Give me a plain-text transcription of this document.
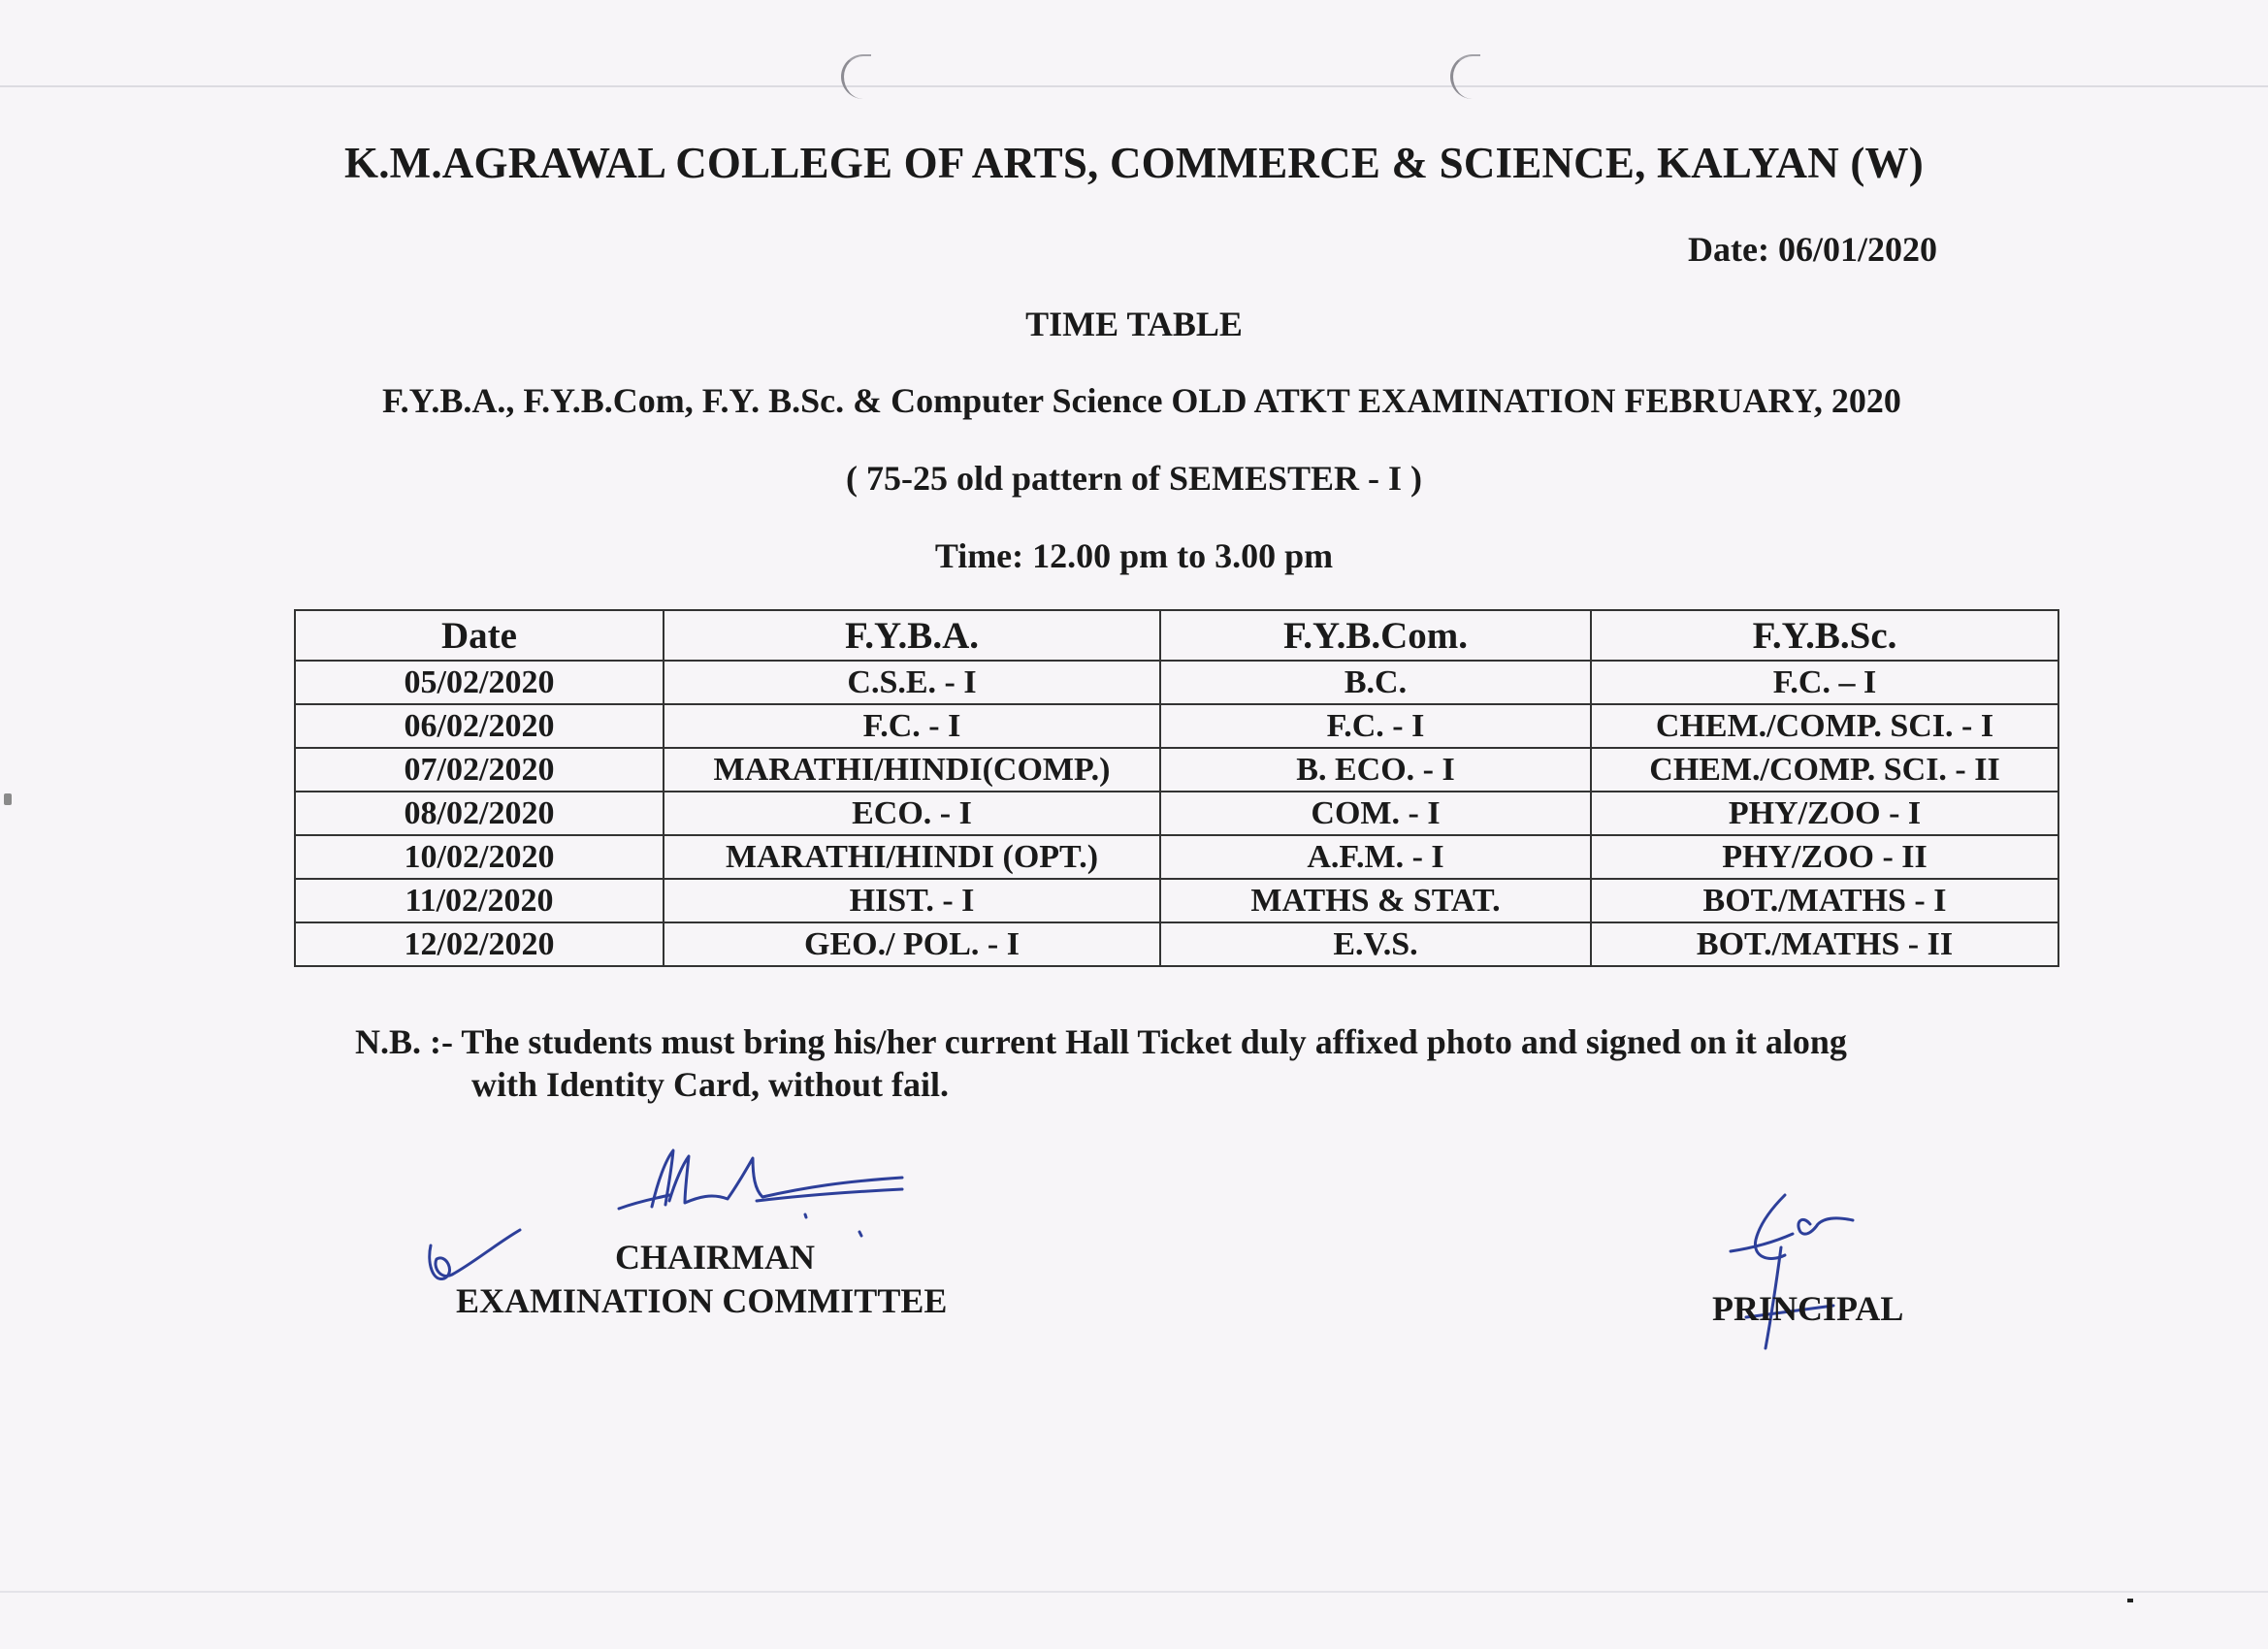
K.M.AGRAWAL COLLEGE OF ARTS, COMMERCE & SCIENCE, KALYAN (W)
Date: 06/01/2020
TIME TABLE
F.Y.B.A., F.Y.B.Com, F.Y. B.Sc. & Computer Science OLD ATKT EXAMINATION FEBRUARY, 2020
( 75-25 old pattern of SEMESTER - I )
Time: 12.00 pm to 3.00 pm
Date	F.Y.B.A.	F.Y.B.Com.	F.Y.B.Sc.
05/02/2020	C.S.E. - I	B.C.	F.C. – I
06/02/2020	F.C. - I	F.C. - I	CHEM./COMP. SCI. - I
07/02/2020	MARATHI/HINDI(COMP.)	B. ECO. - I	CHEM./COMP. SCI. - II
08/02/2020	ECO. - I	COM. - I	PHY/ZOO - I
10/02/2020	MARATHI/HINDI (OPT.)	A.F.M. - I	PHY/ZOO - II
11/02/2020	HIST. - I	MATHS & STAT.	BOT./MATHS - I
12/02/2020	GEO./ POL. - I	E.V.S.	BOT./MATHS - II
N.B. :- The students must bring his/her current Hall Ticket duly affixed photo and signed on it along
with Identity Card, without fail.
CHAIRMAN
EXAMINATION COMMITTEE	PRINCIPAL
